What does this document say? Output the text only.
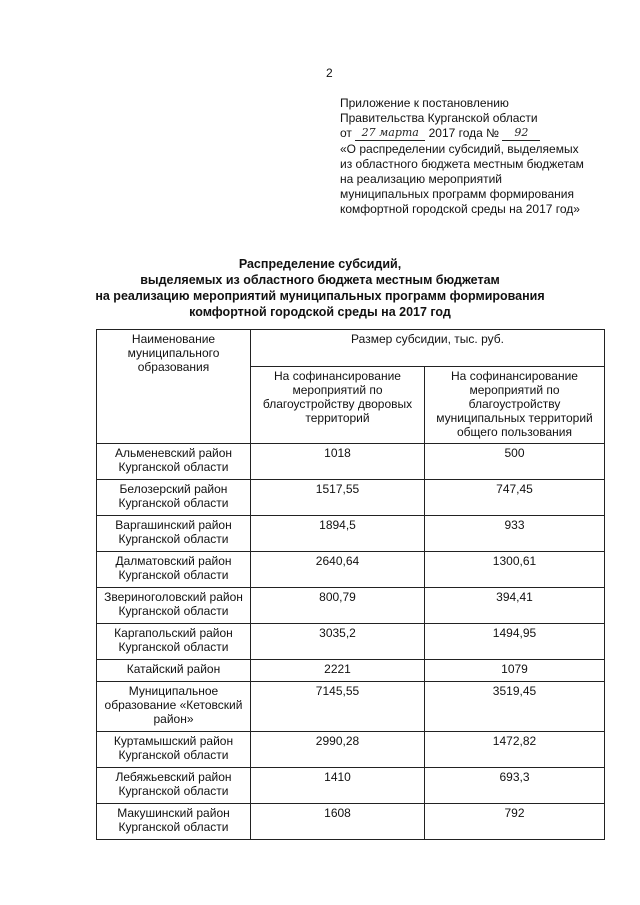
2
Приложение к постановлению
Правительства Курганской области
от 27 марта 2017 года № 92
«О распределении субсидий, выделяемых
из областного бюджета местным бюджетам
на реализацию мероприятий
муниципальных программ формирования
комфортной городской среды на 2017 год»
Распределение субсидий,
выделяемых из областного бюджета местным бюджетам
на реализацию мероприятий муниципальных программ формирования
комфортной городской среды на 2017 год
Наименование муниципального образования	Размер субсидии, тыс. руб.	
	На софинансирование мероприятий по благоустройству дворовых территорий	На софинансирование мероприятий по благоустройству муниципальных территорий общего пользования
Альменевский район Курганской области	1018	500
Белозерский район Курганской области	1517,55	747,45
Варгашинский район Курганской области	1894,5	933
Далматовский район Курганской области	2640,64	1300,61
Звериноголовский район Курганской области	800,79	394,41
Каргапольский район Курганской области	3035,2	1494,95
Катайский район	2221	1079
Муниципальное образование «Кетовский район»	7145,55	3519,45
Куртамышский район Курганской области	2990,28	1472,82
Лебяжьевский район Курганской области	1410	693,3
Макушинский район Курганской области	1608	792
